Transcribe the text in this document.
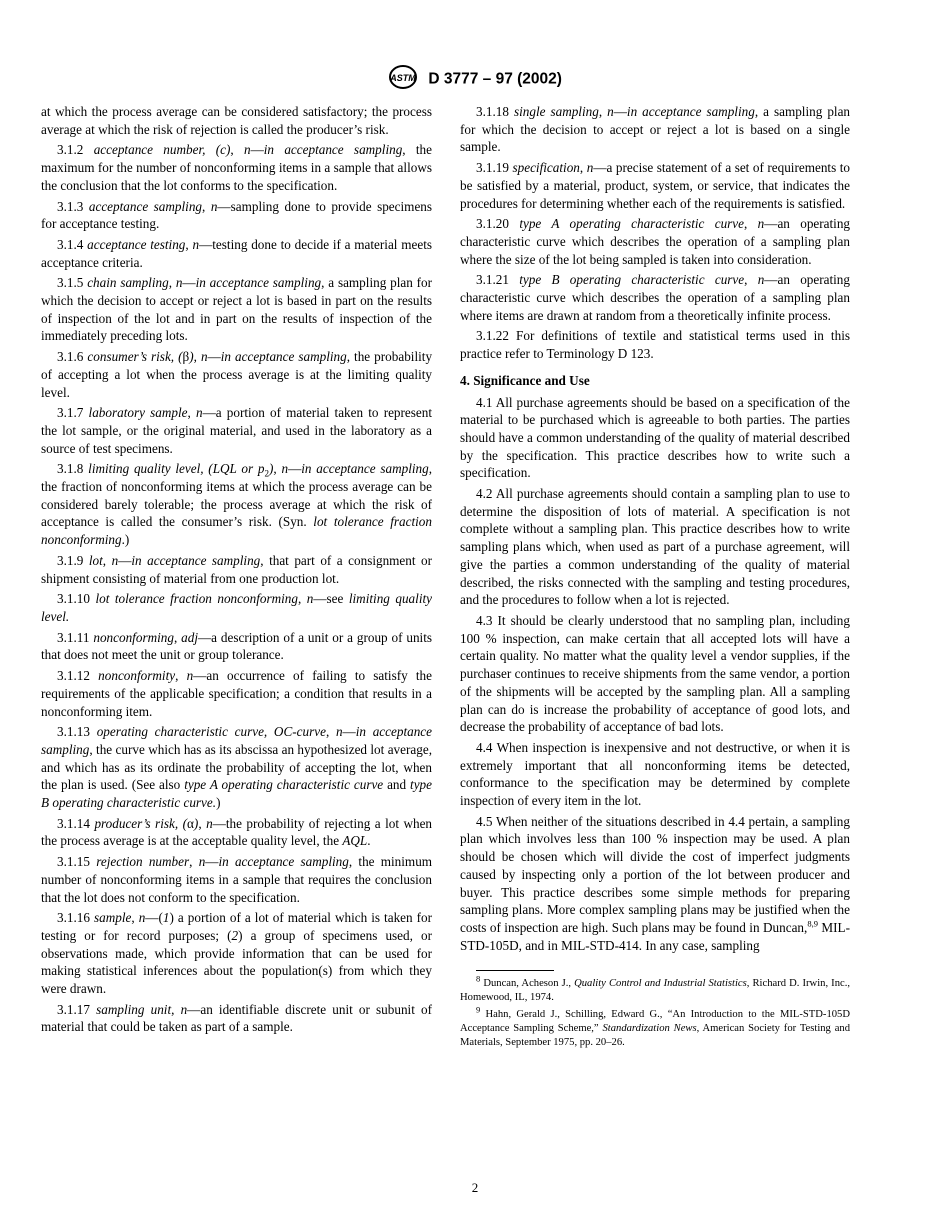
ASTM D 3777 – 97 (2002)

at which the process average can be considered satisfactory; the process average at which the risk of rejection is called the producer’s risk.

3.1.2 acceptance number, (c), n—in acceptance sampling, the maximum for the number of nonconforming items in a sample that allows the conclusion that the lot conforms to the specification.

3.1.3 acceptance sampling, n—sampling done to provide specimens for acceptance testing.

3.1.4 acceptance testing, n—testing done to decide if a material meets acceptance criteria.

3.1.5 chain sampling, n—in acceptance sampling, a sampling plan for which the decision to accept or reject a lot is based in part on the results of inspection of the lot and in part on the results of inspection of the immediately preceding lots.

3.1.6 consumer’s risk, (β), n—in acceptance sampling, the probability of accepting a lot when the process average is at the limiting quality level.

3.1.7 laboratory sample, n—a portion of material taken to represent the lot sample, or the original material, and used in the laboratory as a source of test specimens.

3.1.8 limiting quality level, (LQL or $p_2$), n—in acceptance sampling, the fraction of nonconforming items at which the process average can be considered barely tolerable; the process average at which the risk of acceptance is called the consumer’s risk. (Syn. lot tolerance fraction nonconforming.)

3.1.9 lot, n—in acceptance sampling, that part of a consignment or shipment consisting of material from one production lot.

3.1.10 lot tolerance fraction nonconforming, n—see limiting quality level.

3.1.11 nonconforming, adj—a description of a unit or a group of units that does not meet the unit or group tolerance.

3.1.12 nonconformity, n—an occurrence of failing to satisfy the requirements of the applicable specification; a condition that results in a nonconforming item.

3.1.13 operating characteristic curve, OC-curve, n—in acceptance sampling, the curve which has as its abscissa an hypothesized lot average, and which has as its ordinate the probability of accepting the lot, when the plan is used. (See also type A operating characteristic curve and type B operating characteristic curve.)

3.1.14 producer’s risk, (α), n—the probability of rejecting a lot when the process average is at the acceptable quality level, the AQL.

3.1.15 rejection number, n—in acceptance sampling, the minimum number of nonconforming items in a sample that requires the conclusion that the lot does not conform to the specification.

3.1.16 sample, n—(1) a portion of a lot of material which is taken for testing or for record purposes; (2) a group of specimens used, or observations made, which provide information that can be used for making statistical inferences about the population(s) from which they were drawn.

3.1.17 sampling unit, n—an identifiable discrete unit or subunit of material that could be taken as part of a sample.

3.1.18 single sampling, n—in acceptance sampling, a sampling plan for which the decision to accept or reject a lot is based on a single sample.

3.1.19 specification, n—a precise statement of a set of requirements to be satisfied by a material, product, system, or service, that indicates the procedures for determining whether each of the requirements is satisfied.

3.1.20 type A operating characteristic curve, n—an operating characteristic curve which describes the operation of a sampling plan where the size of the lot being sampled is taken into consideration.

3.1.21 type B operating characteristic curve, n—an operating characteristic curve which describes the operation of a sampling plan where items are drawn at random from a theoretically infinite process.

3.1.22 For definitions of textile and statistical terms used in this practice refer to Terminology D 123.

4. Significance and Use

4.1 All purchase agreements should be based on a specification of the material to be purchased which is agreeable to both parties. The parties should have a common understanding of the quality of material described by the specification. This practice describes how to write such a specification.

4.2 All purchase agreements should contain a sampling plan to use to determine the disposition of lots of material. A specification is not complete without a sampling plan. This practice describes how to write sampling plans which, when used as part of a purchase agreement, will give the parties a common understanding of the quality of material described, the risks connected with the sampling and testing procedures, and the procedures to follow when a lot is rejected.

4.3 It should be clearly understood that no sampling plan, including 100 % inspection, can make certain that all accepted lots will have a certain quality. No matter what the quality level a vendor supplies, if the purchaser continues to receive shipments from the same vendor, a portion of the shipments will be accepted by the sampling plan. All a sampling plan can do is increase the probability of acceptance of good lots, and decrease the probability of acceptance of bad lots.

4.4 When inspection is inexpensive and not destructive, or when it is extremely important that all nonconforming items be detected, conformance to the specification may be determined by complete inspection of every item in the lot.

4.5 When neither of the situations described in 4.4 pertain, a sampling plan which involves less than 100 % inspection may be used. A plan should be chosen which will divide the cost of imperfect judgments caused by inspecting only a portion of the lot between producer and buyer. This practice describes some simple methods for preparing sampling plans. More complex sampling plans may be justified when the costs of inspection are high. Such plans may be found in Duncan,$^{8,9}$ MIL-STD-105D, and in MIL-STD-414. In any case, sampling

$^8$ Duncan, Acheson J., Quality Control and Industrial Statistics, Richard D. Irwin, Inc., Homewood, IL, 1974.

$^9$ Hahn, Gerald J., Schilling, Edward G., “An Introduction to the MIL-STD-105D Acceptance Sampling Scheme,” Standardization News, American Society for Testing and Materials, September 1975, pp. 20–26.

2
